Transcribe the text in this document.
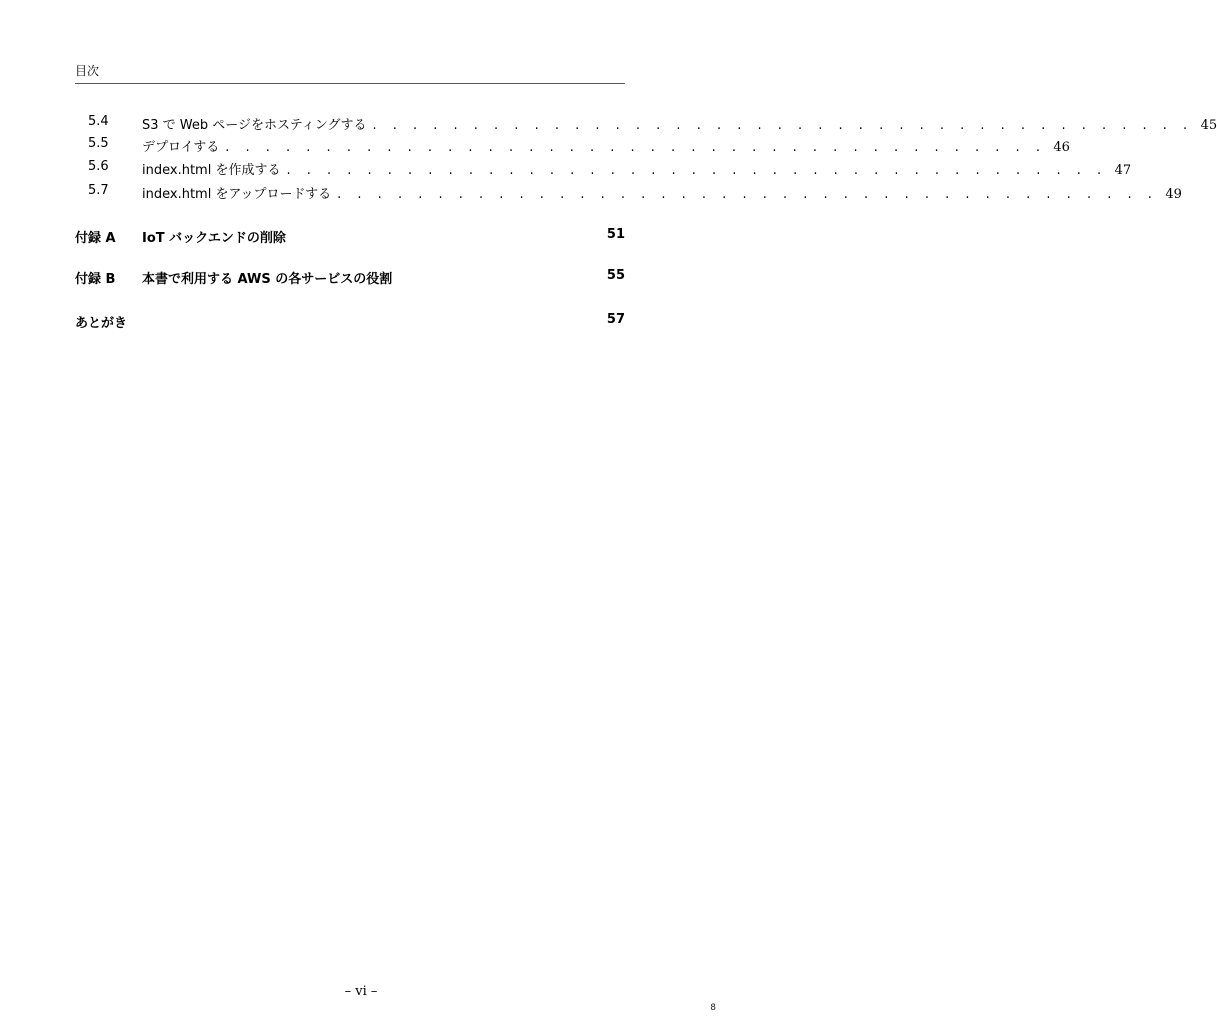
目次
5.4	S3 で Web ページをホスティングする . . . . . . . . . . . . . . . . . . . . . . . . . . . . . . . . . . . . . . . . . 45
5.5	デプロイする . . . . . . . . . . . . . . . . . . . . . . . . . . . . . . . . . . . . . . . . . 46
5.6	index.html を作成する . . . . . . . . . . . . . . . . . . . . . . . . . . . . . . . . . . . . . . . . . 47
5.7	index.html をアップロードする . . . . . . . . . . . . . . . . . . . . . . . . . . . . . . . . . . . . . . . . . 49
付録 A IoT バックエンドの削除	51
付録 B 本書で利用する AWS の各サービスの役割	55
あとがき	57
– vi –
8
